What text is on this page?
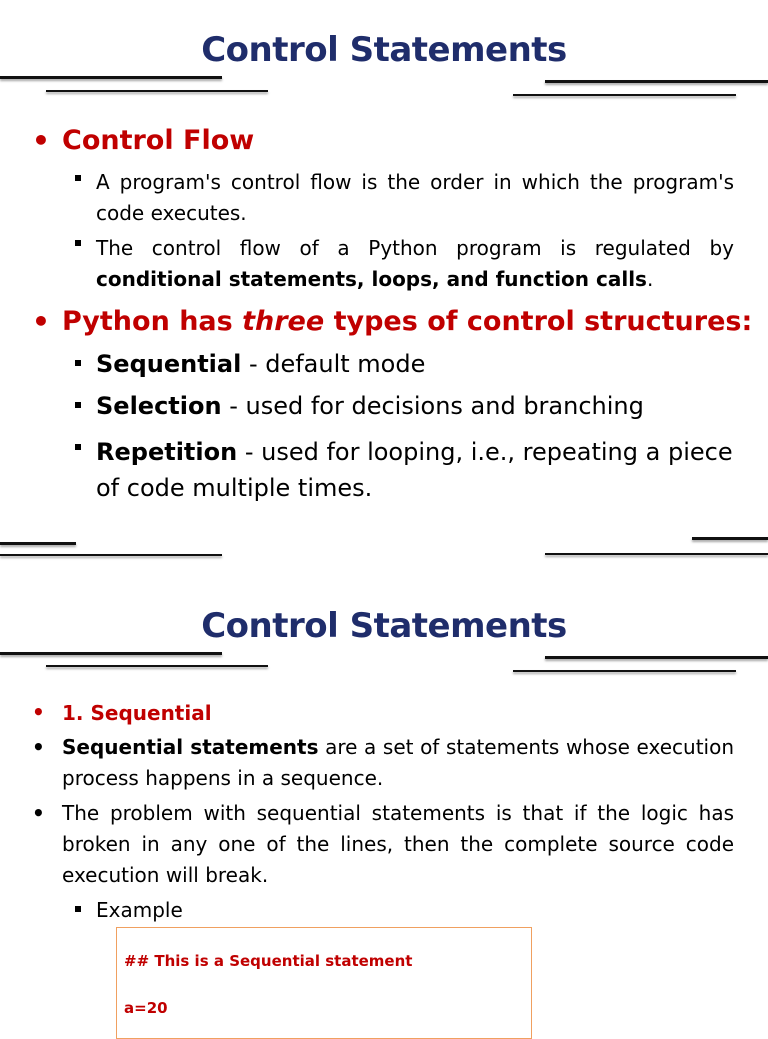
Control Statements
• Control Flow
A program's control flow is the order in which the program's code executes.
The control flow of a Python program is regulated by conditional statements, loops, and function calls.
• Python has three types of control structures:
Sequential - default mode
Selection - used for decisions and branching
Repetition - used for looping, i.e., repeating a piece of code multiple times.
Control Statements
• 1. Sequential
• Sequential statements are a set of statements whose execution process happens in a sequence.
• The problem with sequential statements is that if the logic has broken in any one of the lines, then the complete source code execution will break.
Example
## This is a Sequential statement
a=20
